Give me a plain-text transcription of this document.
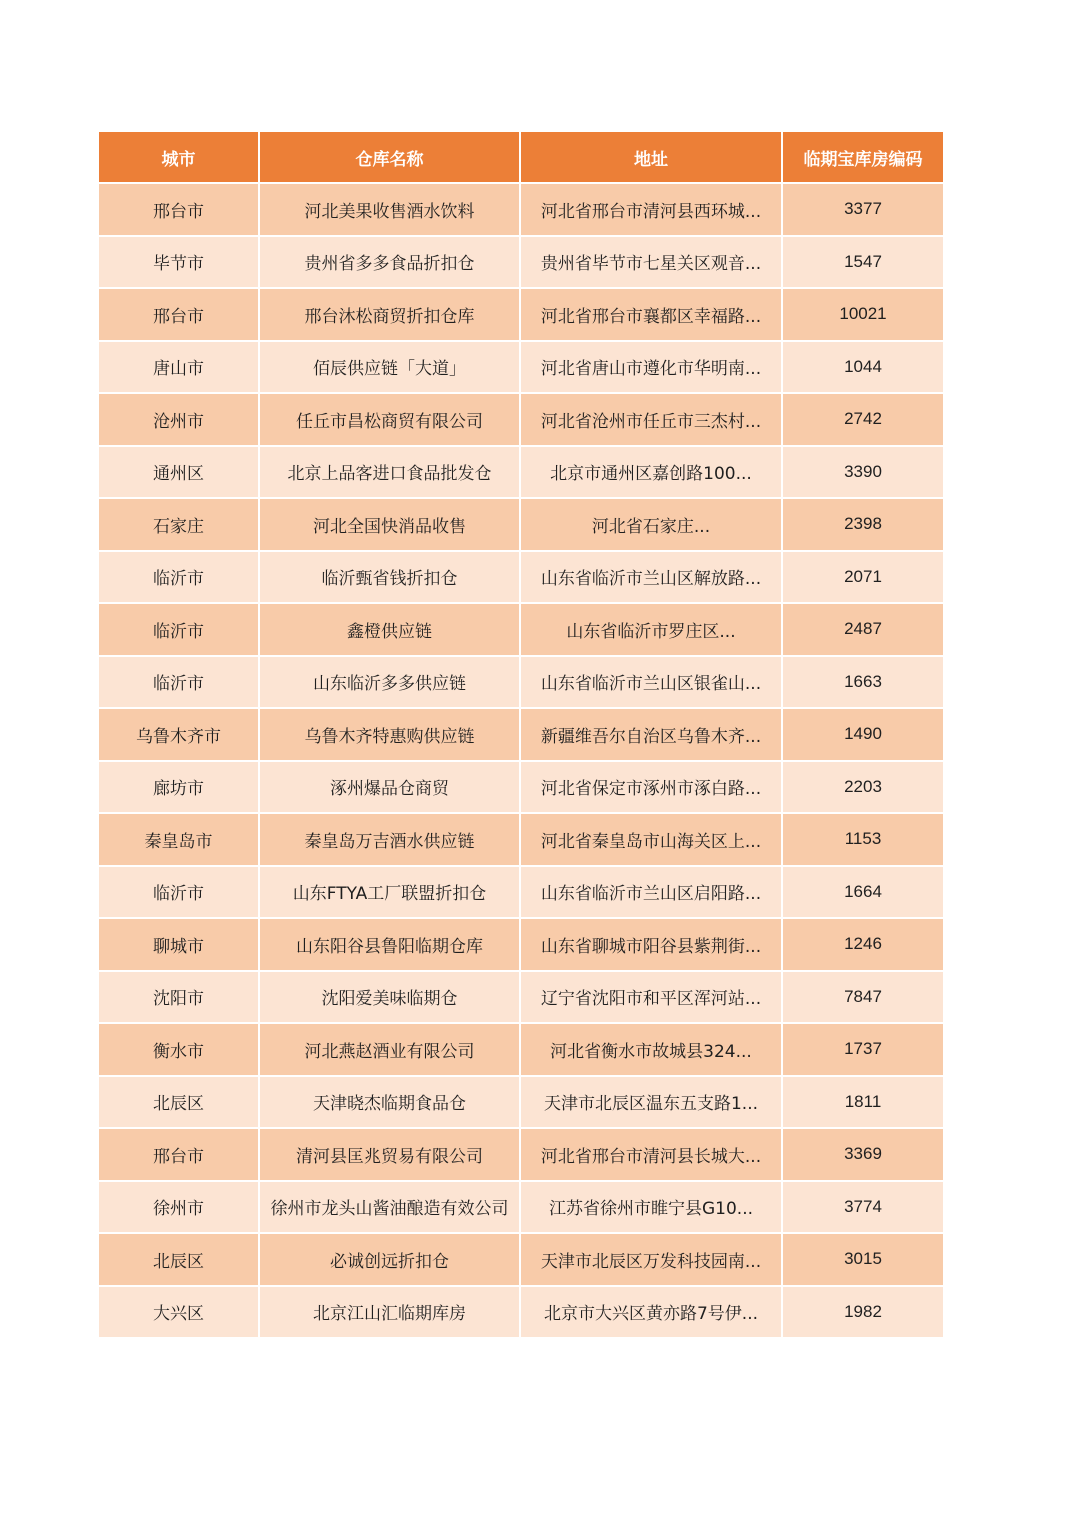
城市	仓库名称	地址	临期宝库房编码
邢台市	河北美果收售酒水饮料	河北省邢台市清河县西环城...	3377
毕节市	贵州省多多食品折扣仓	贵州省毕节市七星关区观音...	1547
邢台市	邢台沐松商贸折扣仓库	河北省邢台市襄都区幸福路...	10021
唐山市	佰辰供应链「大道」	河北省唐山市遵化市华明南...	1044
沧州市	任丘市昌松商贸有限公司	河北省沧州市任丘市三杰村...	2742
通州区	北京上品客进口食品批发仓	北京市通州区嘉创路100...	3390
石家庄	河北全国快消品收售	河北省石家庄...	2398
临沂市	临沂甄省钱折扣仓	山东省临沂市兰山区解放路...	2071
临沂市	鑫橙供应链	山东省临沂市罗庄区...	2487
临沂市	山东临沂多多供应链	山东省临沂市兰山区银雀山...	1663
乌鲁木齐市	乌鲁木齐特惠购供应链	新疆维吾尔自治区乌鲁木齐...	1490
廊坊市	涿州爆品仓商贸	河北省保定市涿州市涿白路...	2203
秦皇岛市	秦皇岛万吉酒水供应链	河北省秦皇岛市山海关区上...	1153
临沂市	山东FTYA工厂联盟折扣仓	山东省临沂市兰山区启阳路...	1664
聊城市	山东阳谷县鲁阳临期仓库	山东省聊城市阳谷县紫荆街...	1246
沈阳市	沈阳爱美味临期仓	辽宁省沈阳市和平区浑河站...	7847
衡水市	河北燕赵酒业有限公司	河北省衡水市故城县324...	1737
北辰区	天津晓杰临期食品仓	天津市北辰区温东五支路1...	1811
邢台市	清河县匡兆贸易有限公司	河北省邢台市清河县长城大...	3369
徐州市	徐州市龙头山酱油酿造有效公司	江苏省徐州市睢宁县G10...	3774
北辰区	必诚创远折扣仓	天津市北辰区万发科技园南...	3015
大兴区	北京江山汇临期库房	北京市大兴区黄亦路7号伊...	1982
